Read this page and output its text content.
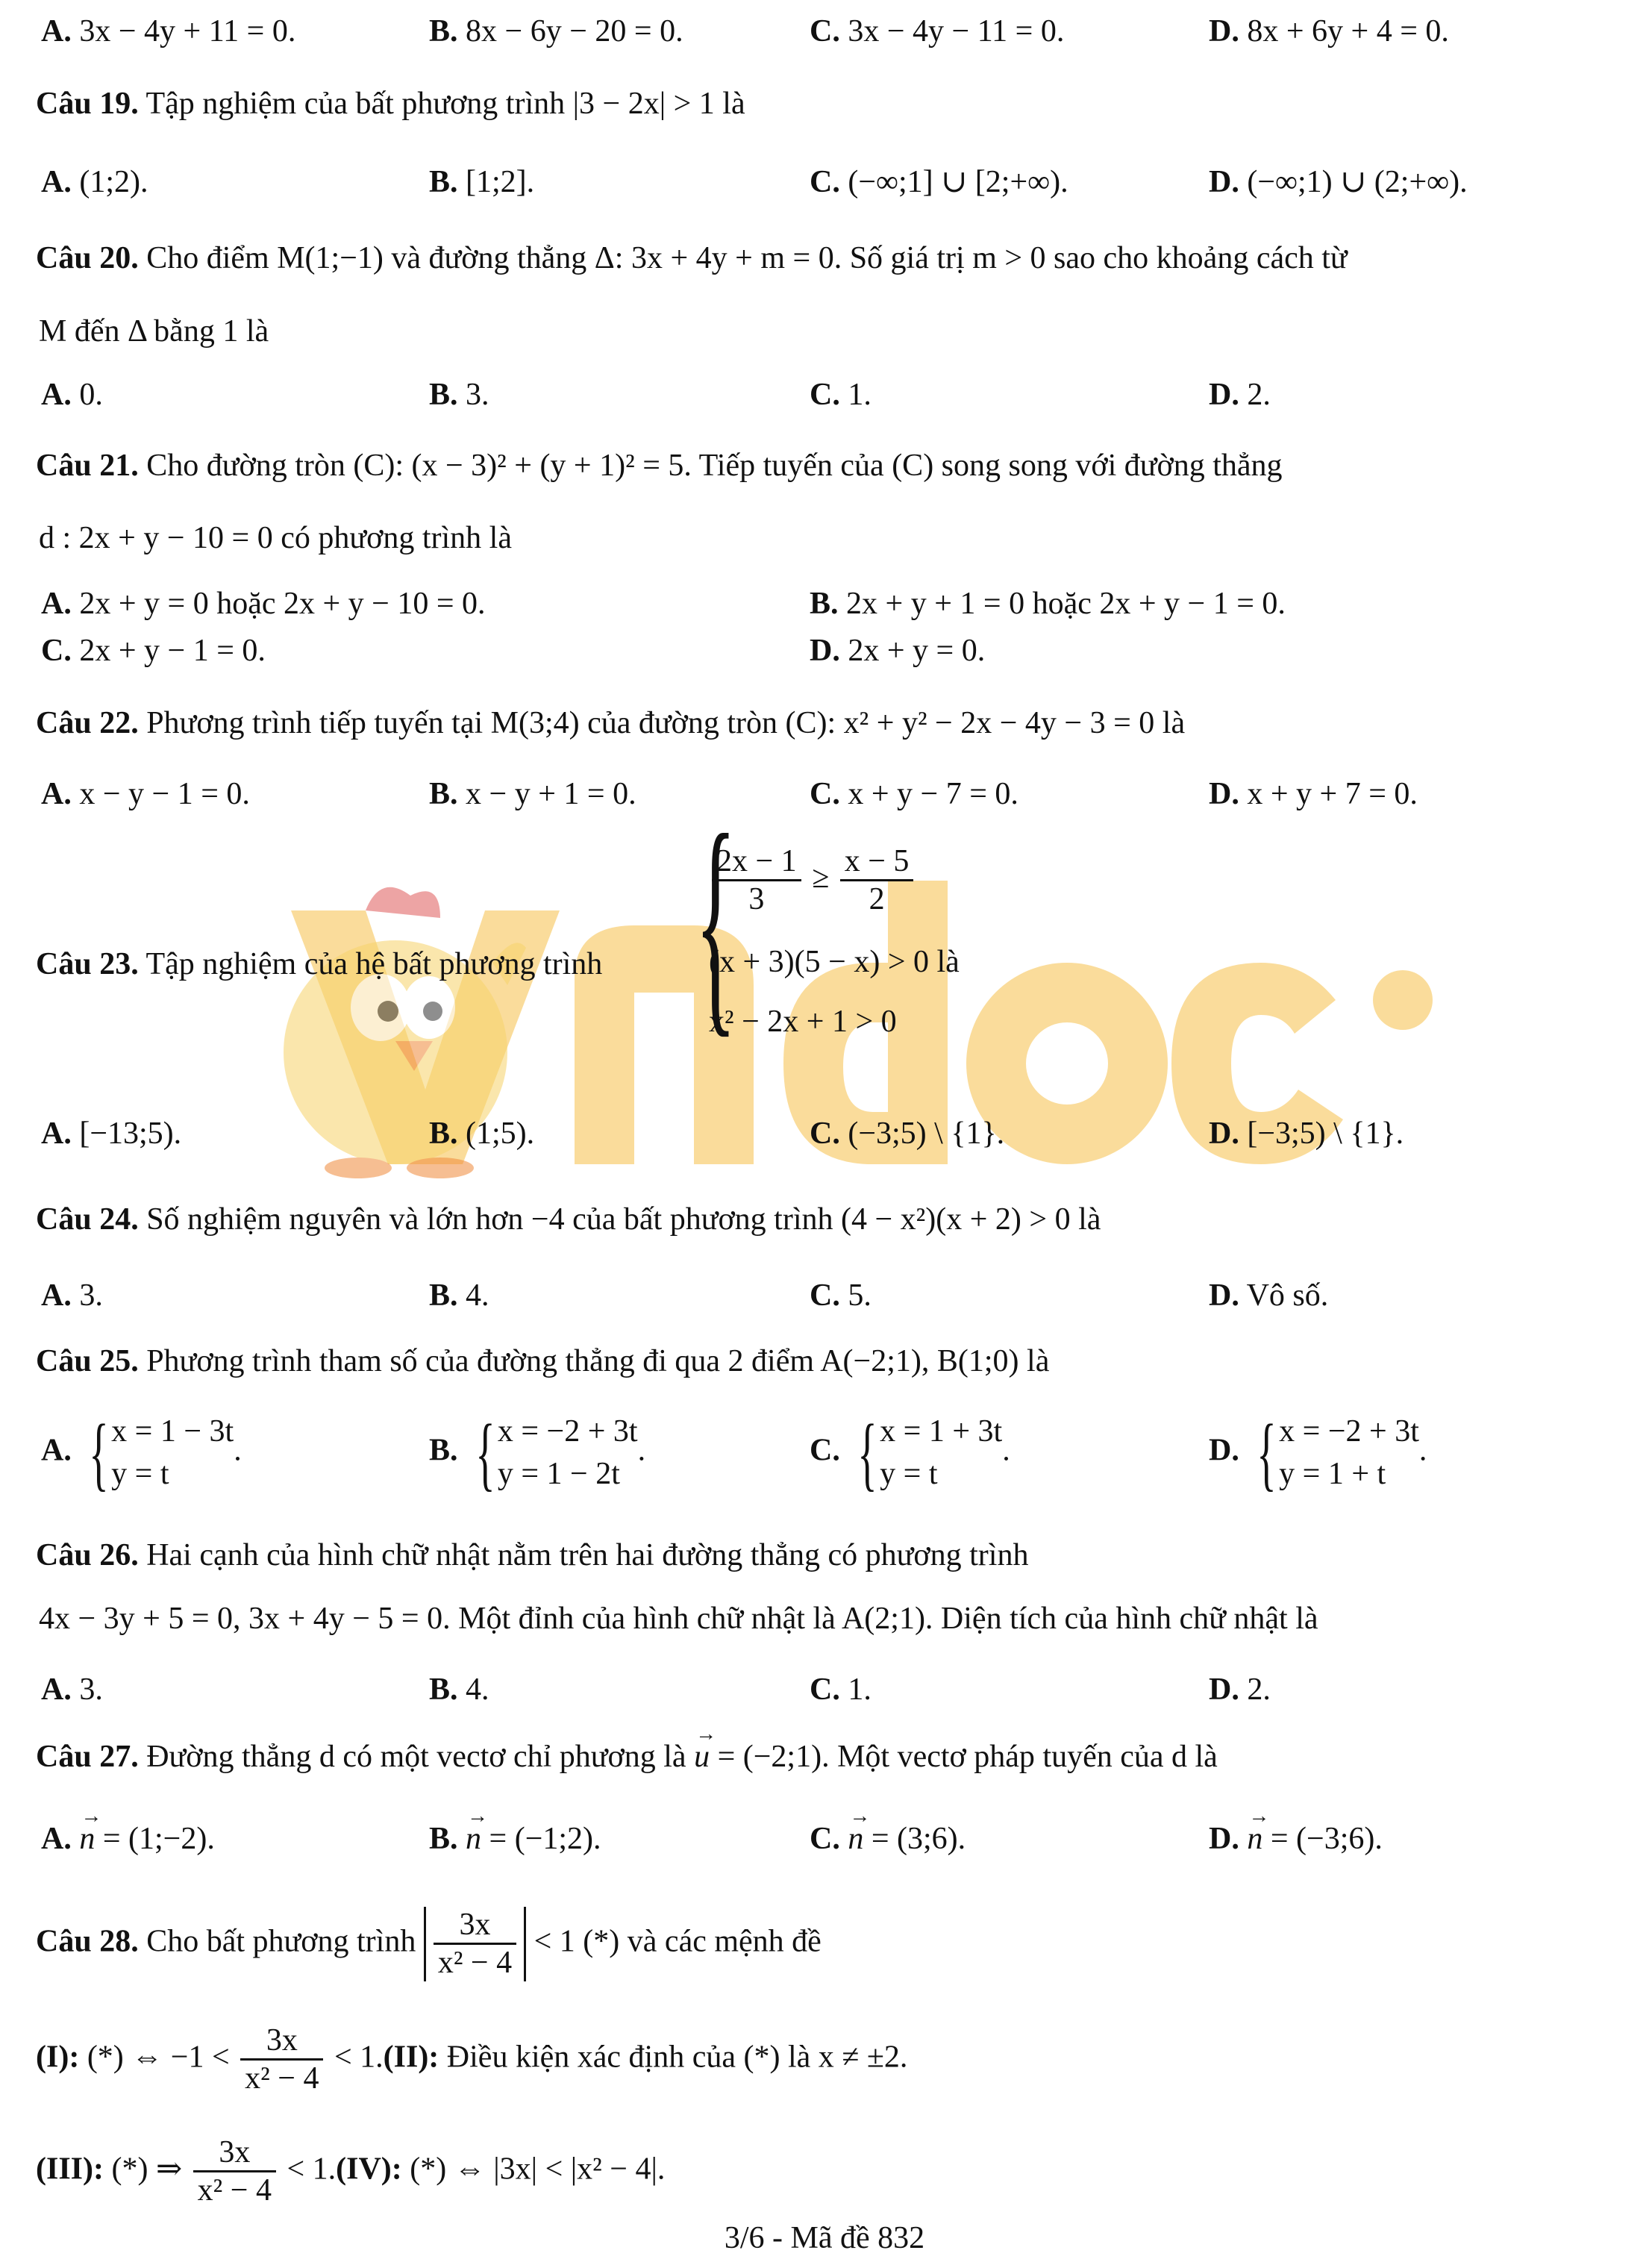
A. 3x − 4y + 11 = 0.	B. 8x − 6y − 20 = 0.	C. 3x − 4y − 11 = 0.	D. 8x + 6y + 4 = 0.
Câu 19. Tập nghiệm của bất phương trình |3 − 2x| > 1 là
A. (1;2).	B. [1;2].	C. (−∞;1] ∪ [2;+∞).	D. (−∞;1) ∪ (2;+∞).
Câu 20. Cho điểm M(1;−1) và đường thẳng Δ: 3x + 4y + m = 0. Số giá trị m > 0 sao cho khoảng cách từ
M đến Δ bằng 1 là
A. 0.	B. 3.	C. 1.	D. 2.
Câu 21. Cho đường tròn (C): (x − 3)² + (y + 1)² = 5. Tiếp tuyến của (C) song song với đường thẳng
d : 2x + y − 10 = 0 có phương trình là
A. 2x + y = 0 hoặc 2x + y − 10 = 0.	B. 2x + y + 1 = 0 hoặc 2x + y − 1 = 0.
C. 2x + y − 1 = 0.	D. 2x + y = 0.
Câu 22. Phương trình tiếp tuyến tại M(3;4) của đường tròn (C): x² + y² − 2x − 4y − 3 = 0 là
A. x − y − 1 = 0.	B. x − y + 1 = 0.	C. x + y − 7 = 0.	D. x + y + 7 = 0.
Câu 23. Tập nghiệm của hệ bất phương trình {
$\frac{2x - 1}{3} \ge \frac{x - 5}{2}$
(x + 3)(5 − x) > 0 là
x² − 2x + 1 > 0
A. [−13;5).	B. (1;5).	C. (−3;5) \ {1}.	D. [−3;5) \ {1}.
Câu 24. Số nghiệm nguyên và lớn hơn −4 của bất phương trình (4 − x²)(x + 2) > 0 là
A. 3.	B. 4.	C. 5.	D. Vô số.
Câu 25. Phương trình tham số của đường thẳng đi qua 2 điểm A(−2;1), B(1;0) là
A. { x = 1 − 3t
y = t
.	B. { x = −2 + 3t
y = 1 − 2t
.	C. { x = 1 + 3t
y = t
.	D. { x = −2 + 3t
y = 1 + t
.
Câu 26. Hai cạnh của hình chữ nhật nằm trên hai đường thẳng có phương trình
4x − 3y + 5 = 0, 3x + 4y − 5 = 0. Một đỉnh của hình chữ nhật là A(2;1). Diện tích của hình chữ nhật là
A. 3.	B. 4.	C. 1.	D. 2.
Câu 27. Đường thẳng d có một vectơ chỉ phương là → u = (−2;1). Một vectơ pháp tuyến của d là
A. → n = (1;−2).	B. → n = (−1;2).	C. → n = (3;6).	D. → n = (−3;6).
Câu 28. Cho bất phương trình $\frac{3x}{\text{x² − 4}} < 1$ (*) và các mệnh đề
(I): (*) ⇔ $-1 < \frac{3x}{\text{x² − 4}} < 1.(II)$: Điều kiện xác định của (*) là x ≠ ±2.
(III): (*) ⇒ $\frac{3x}{\text{x² − 4}} < 1.(IV)$: (*) ⇔ |3x| < |x² − 4|.
3/6 - Mã đề 832
